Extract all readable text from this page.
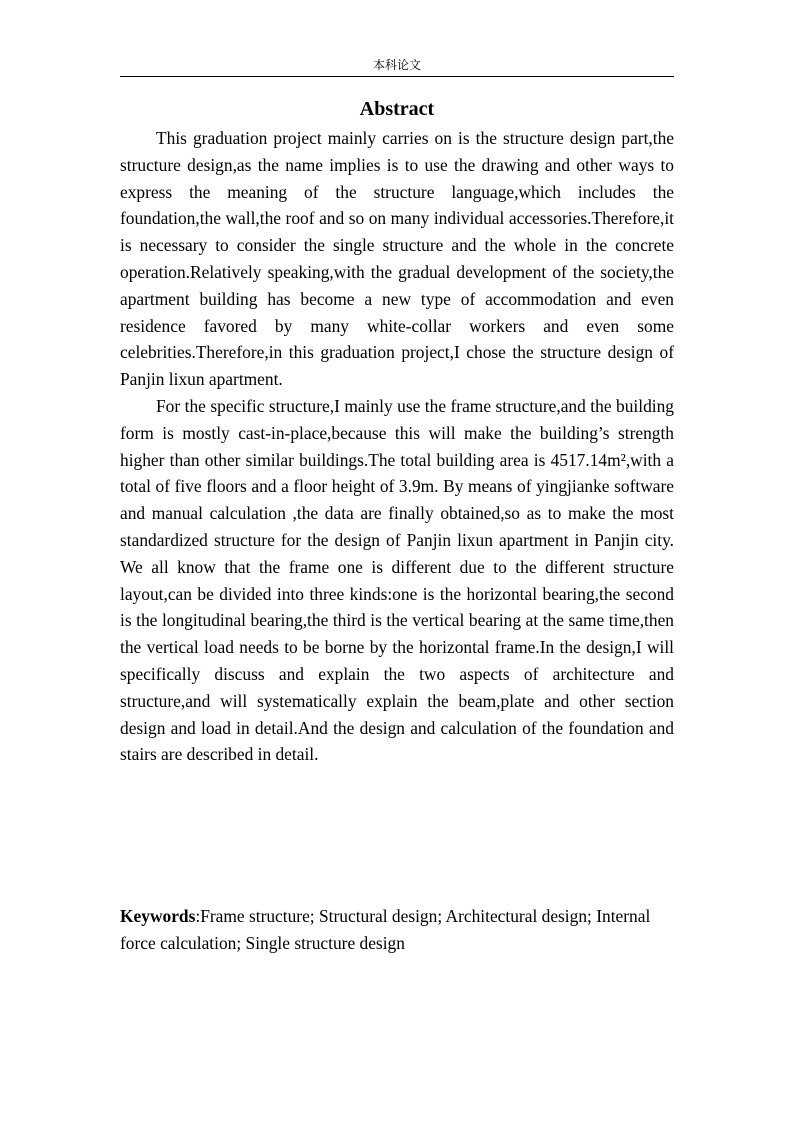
本科论文
Abstract

This graduation project mainly carries on is the structure design part,the structure design,as the name implies is to use the drawing and other ways to express the meaning of the structure language,which includes the foundation,the wall,the roof and so on many individual accessories.Therefore,it is necessary to consider the single structure and the whole in the concrete operation.Relatively speaking,with the gradual development of the society,the apartment building has become a new type of accommodation and even residence favored by many white-collar workers and even some celebrities.Therefore,in this graduation project,I chose the structure design of Panjin lixun apartment.

For the specific structure,I mainly use the frame structure,and the building form is mostly cast-in-place,because this will make the building’s strength higher than other similar buildings.The total building area is 4517.14m²,with a total of five floors and a floor height of 3.9m. By means of yingjianke software and manual calculation ,the data are finally obtained,so as to make the most standardized structure for the design of Panjin lixun apartment in Panjin city. We all know that the frame one is different due to the different structure layout,can be divided into three kinds:one is the horizontal bearing,the second is the longitudinal bearing,the third is the vertical bearing at the same time,then the vertical load needs to be borne by the horizontal frame.In the design,I will specifically discuss and explain the two aspects of architecture and structure,and will systematically explain the beam,plate and other section design and load in detail.And the design and calculation of the foundation and stairs are described in detail.

Keywords:Frame structure; Structural design; Architectural design; Internal force calculation; Single structure design
